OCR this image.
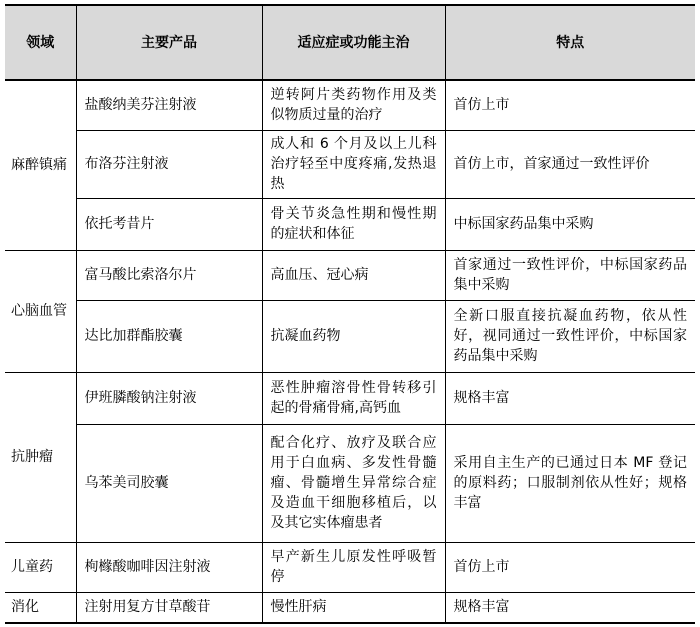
领域	主要产品	适应症或功能主治	特点
麻醉镇痛	盐酸纳美芬注射液	逆转阿片类药物作用及类似物质过量的治疗	首仿上市
	布洛芬注射液	成人和 6 个月及以上儿科治疗轻至中度疼痛,发热退热	首仿上市，首家通过一致性评价
	依托考昔片	骨关节炎急性期和慢性期的症状和体征	中标国家药品集中采购
心脑血管	富马酸比索洛尔片	高血压、冠心病	首家通过一致性评价，中标国家药品集中采购
	达比加群酯胶囊	抗凝血药物	全新口服直接抗凝血药物，依从性好，视同通过一致性评价，中标国家药品集中采购
抗肿瘤	伊班膦酸钠注射液	恶性肿瘤溶骨性骨转移引起的骨痛骨痛,高钙血	规格丰富
	乌苯美司胶囊	配合化疗、放疗及联合应用于白血病、多发性骨髓瘤、骨髓增生异常综合症及造血干细胞移植后，以及其它实体瘤患者	采用自主生产的已通过日本 MF 登记的原料药；口服制剂依从性好；规格丰富
儿童药	枸橼酸咖啡因注射液	早产新生儿原发性呼吸暂停	首仿上市
消化	注射用复方甘草酸苷	慢性肝病	规格丰富
